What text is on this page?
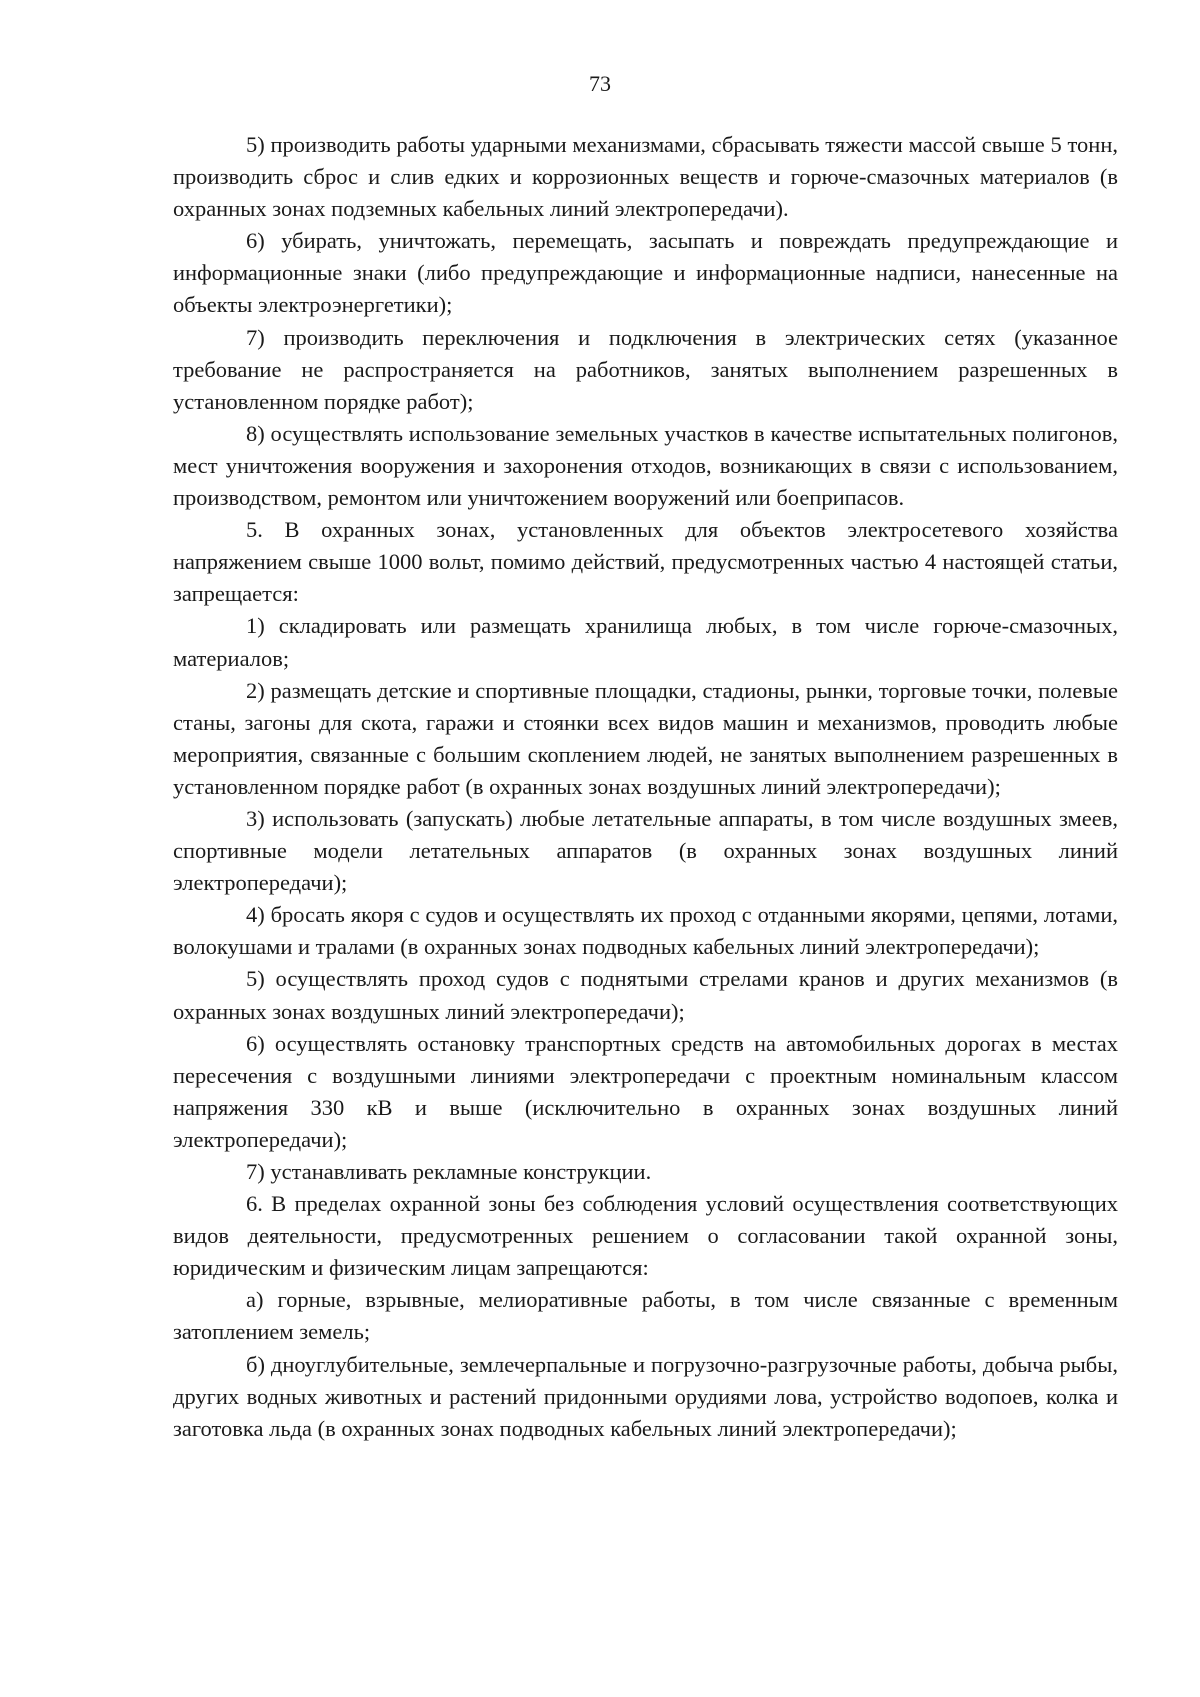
73

5) производить работы ударными механизмами, сбрасывать тяжести массой свыше 5 тонн, производить сброс и слив едких и коррозионных веществ и горюче-смазочных материалов (в охранных зонах подземных кабельных линий электропередачи).

6) убирать, уничтожать, перемещать, засыпать и повреждать предупреждающие и информационные знаки (либо предупреждающие и информационные надписи, нанесенные на объекты электроэнергетики);

7) производить переключения и подключения в электрических сетях (указанное требование не распространяется на работников, занятых выполнением разрешенных в установленном порядке работ);

8) осуществлять использование земельных участков в качестве испытательных полигонов, мест уничтожения вооружения и захоронения отходов, возникающих в связи с использованием, производством, ремонтом или уничтожением вооружений или боеприпасов.

5. В охранных зонах, установленных для объектов электросетевого хозяйства напряжением свыше 1000 вольт, помимо действий, предусмотренных частью 4 настоящей статьи, запрещается:

1) складировать или размещать хранилища любых, в том числе горюче-смазочных, материалов;

2) размещать детские и спортивные площадки, стадионы, рынки, торговые точки, полевые станы, загоны для скота, гаражи и стоянки всех видов машин и механизмов, проводить любые мероприятия, связанные с большим скоплением людей, не занятых выполнением разрешенных в установленном порядке работ (в охранных зонах воздушных линий электропередачи);

3) использовать (запускать) любые летательные аппараты, в том числе воздушных змеев, спортивные модели летательных аппаратов (в охранных зонах воздушных линий электропередачи);

4) бросать якоря с судов и осуществлять их проход с отданными якорями, цепями, лотами, волокушами и тралами (в охранных зонах подводных кабельных линий электропередачи);

5) осуществлять проход судов с поднятыми стрелами кранов и других механизмов (в охранных зонах воздушных линий электропередачи);

6) осуществлять остановку транспортных средств на автомобильных дорогах в местах пересечения с воздушными линиями электропередачи с проектным номинальным классом напряжения 330 кВ и выше (исключительно в охранных зонах воздушных линий электропередачи);

7) устанавливать рекламные конструкции.

6. В пределах охранной зоны без соблюдения условий осуществления соответствующих видов деятельности, предусмотренных решением о согласовании такой охранной зоны, юридическим и физическим лицам запрещаются:

а) горные, взрывные, мелиоративные работы, в том числе связанные с временным затоплением земель;

б) дноуглубительные, землечерпальные и погрузочно-разгрузочные работы, добыча рыбы, других водных животных и растений придонными орудиями лова, устройство водопоев, колка и заготовка льда (в охранных зонах подводных кабельных линий электропередачи);
